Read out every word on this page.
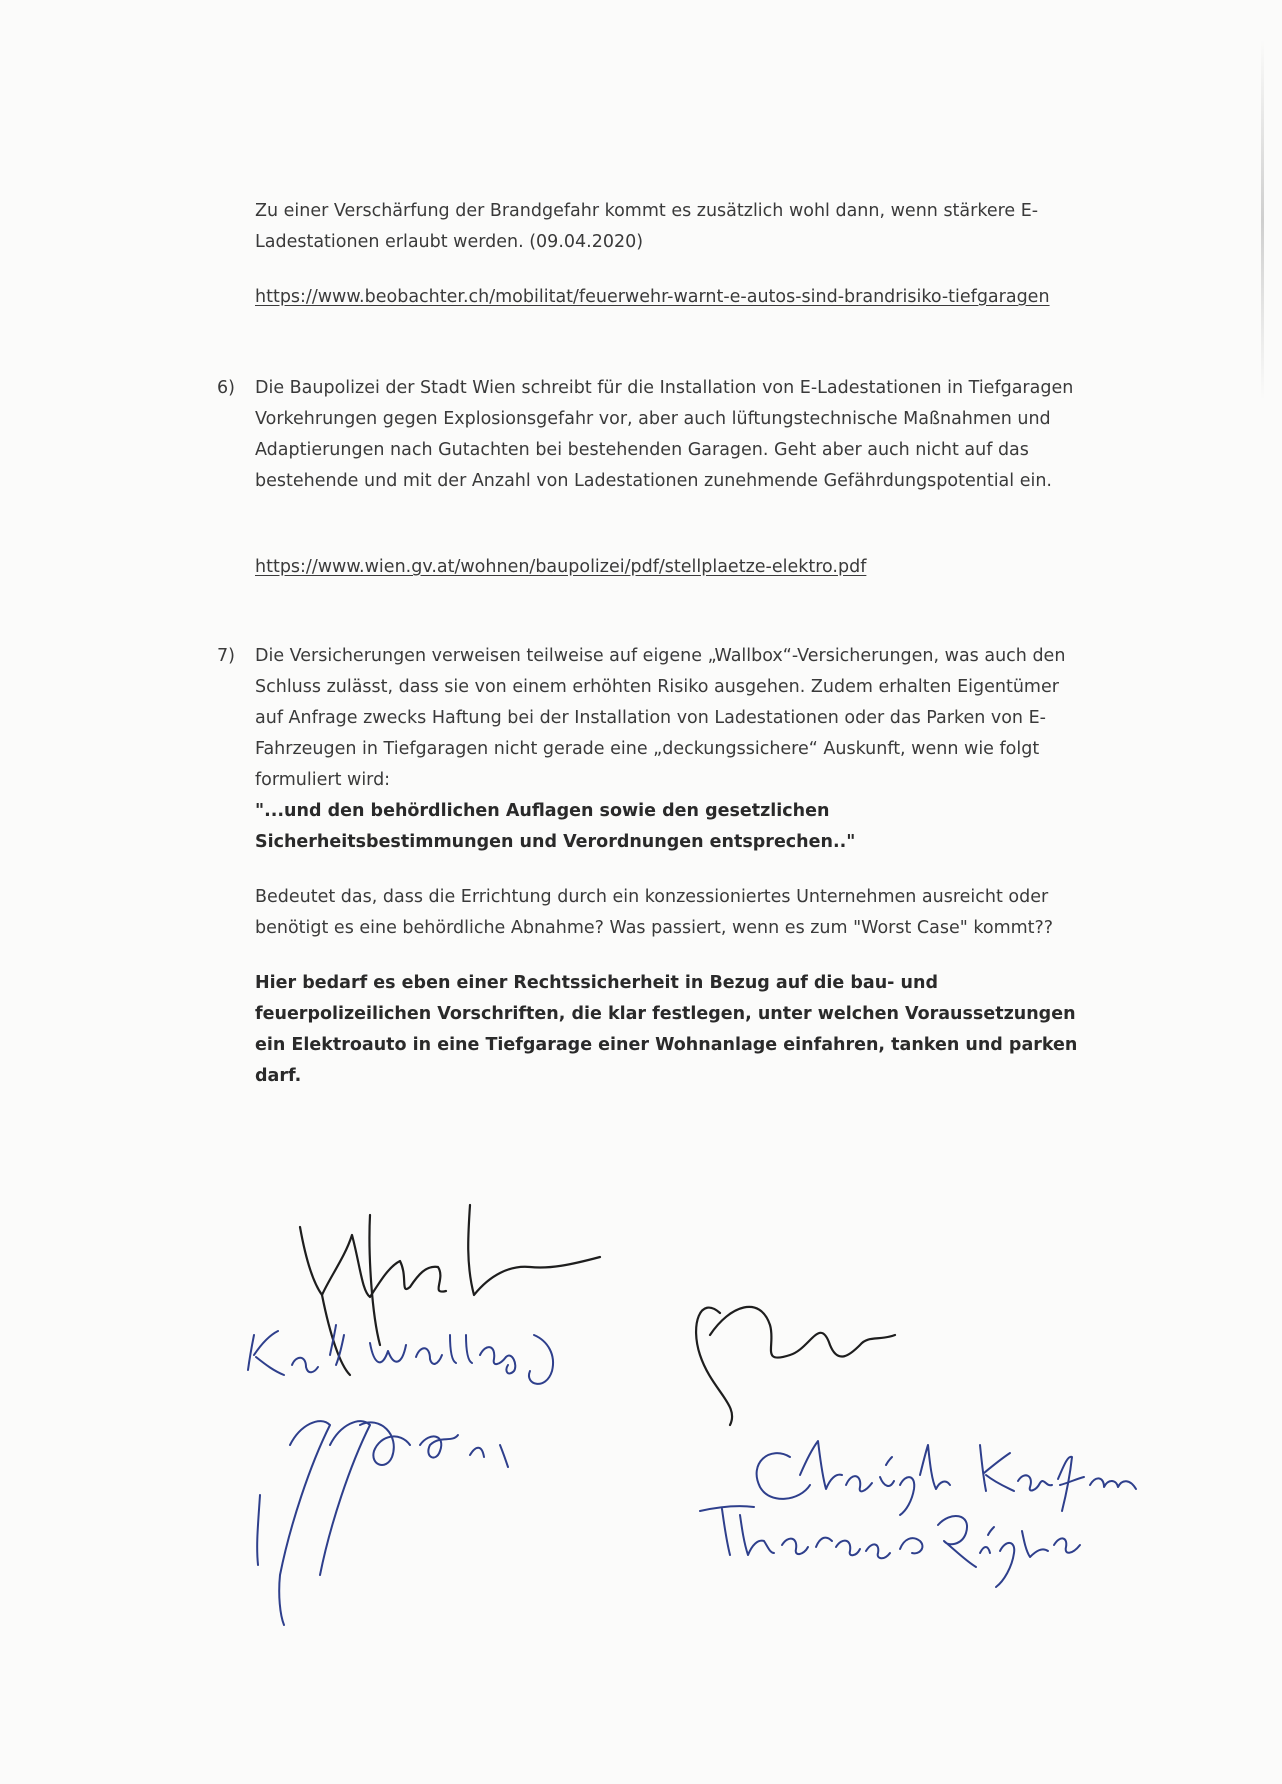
Zu einer Verschärfung der Brandgefahr kommt es zusätzlich wohl dann, wenn stärkere E-Ladestationen erlaubt werden. (09.04.2020)

https://www.beobachter.ch/mobilitat/feuerwehr-warnt-e-autos-sind-brandrisiko-tiefgaragen
6) Die Baupolizei der Stadt Wien schreibt für die Installation von E-Ladestationen in Tiefgaragen

Vorkehrungen gegen Explosionsgefahr vor, aber auch lüftungstechnische Maßnahmen und Adaptierungen nach Gutachten bei bestehenden Garagen. Geht aber auch nicht auf das bestehende und mit der Anzahl von Ladestationen zunehmende Gefährdungspotential ein.

https://www.wien.gv.at/wohnen/baupolizei/pdf/stellplaetze-elektro.pdf
7) Die Versicherungen verweisen teilweise auf eigene „Wallbox“-Versicherungen, was auch den Schluss zulässt, dass sie von einem erhöhten Risiko ausgehen. Zudem erhalten Eigentümer auf Anfrage zwecks Haftung bei der Installation von Ladestationen oder das Parken von E-Fahrzeugen in Tiefgaragen nicht gerade eine „deckungssichere“ Auskunft, wenn wie folgt formuliert wird:

"...und den behördlichen Auflagen sowie den gesetzlichen Sicherheitsbestimmungen und Verordnungen entsprechen.."

Bedeutet das, dass die Errichtung durch ein konzessioniertes Unternehmen ausreicht oder benötigt es eine behördliche Abnahme? Was passiert, wenn es zum "Worst Case" kommt??

Hier bedarf es eben einer Rechtssicherheit in Bezug auf die bau- und feuerpolizeilichen Vorschriften, die klar festlegen, unter welchen Voraussetzungen ein Elektroauto in eine Tiefgarage einer Wohnanlage einfahren, tanken und parken darf.
